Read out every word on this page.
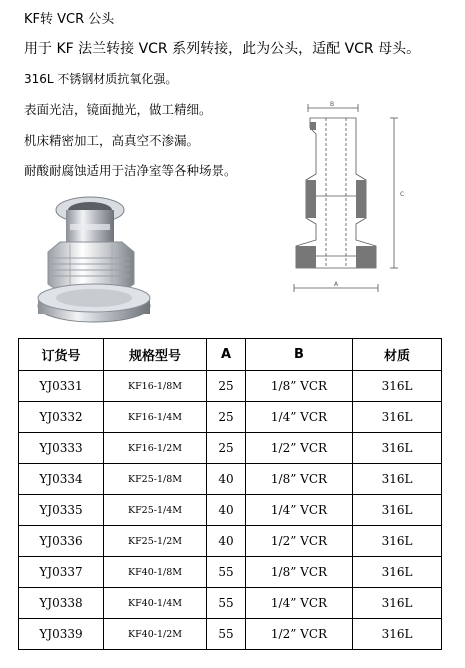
KF转 VCR 公头
用于 KF 法兰转接 VCR 系列转接，此为公头，适配 VCR 母头。
316L 不锈钢材质抗氧化强。
表面光洁，镜面抛光，做工精细。
机床精密加工，高真空不渗漏。
耐酸耐腐蚀适用于洁净室等各种场景。
B
C
A
订货号	规格型号	A	B	材质
YJ0331	KF16-1/8M	25	1/8” VCR	316L
YJ0332	KF16-1/4M	25	1/4” VCR	316L
YJ0333	KF16-1/2M	25	1/2” VCR	316L
YJ0334	KF25-1/8M	40	1/8” VCR	316L
YJ0335	KF25-1/4M	40	1/4” VCR	316L
YJ0336	KF25-1/2M	40	1/2” VCR	316L
YJ0337	KF40-1/8M	55	1/8” VCR	316L
YJ0338	KF40-1/4M	55	1/4” VCR	316L
YJ0339	KF40-1/2M	55	1/2” VCR	316L
